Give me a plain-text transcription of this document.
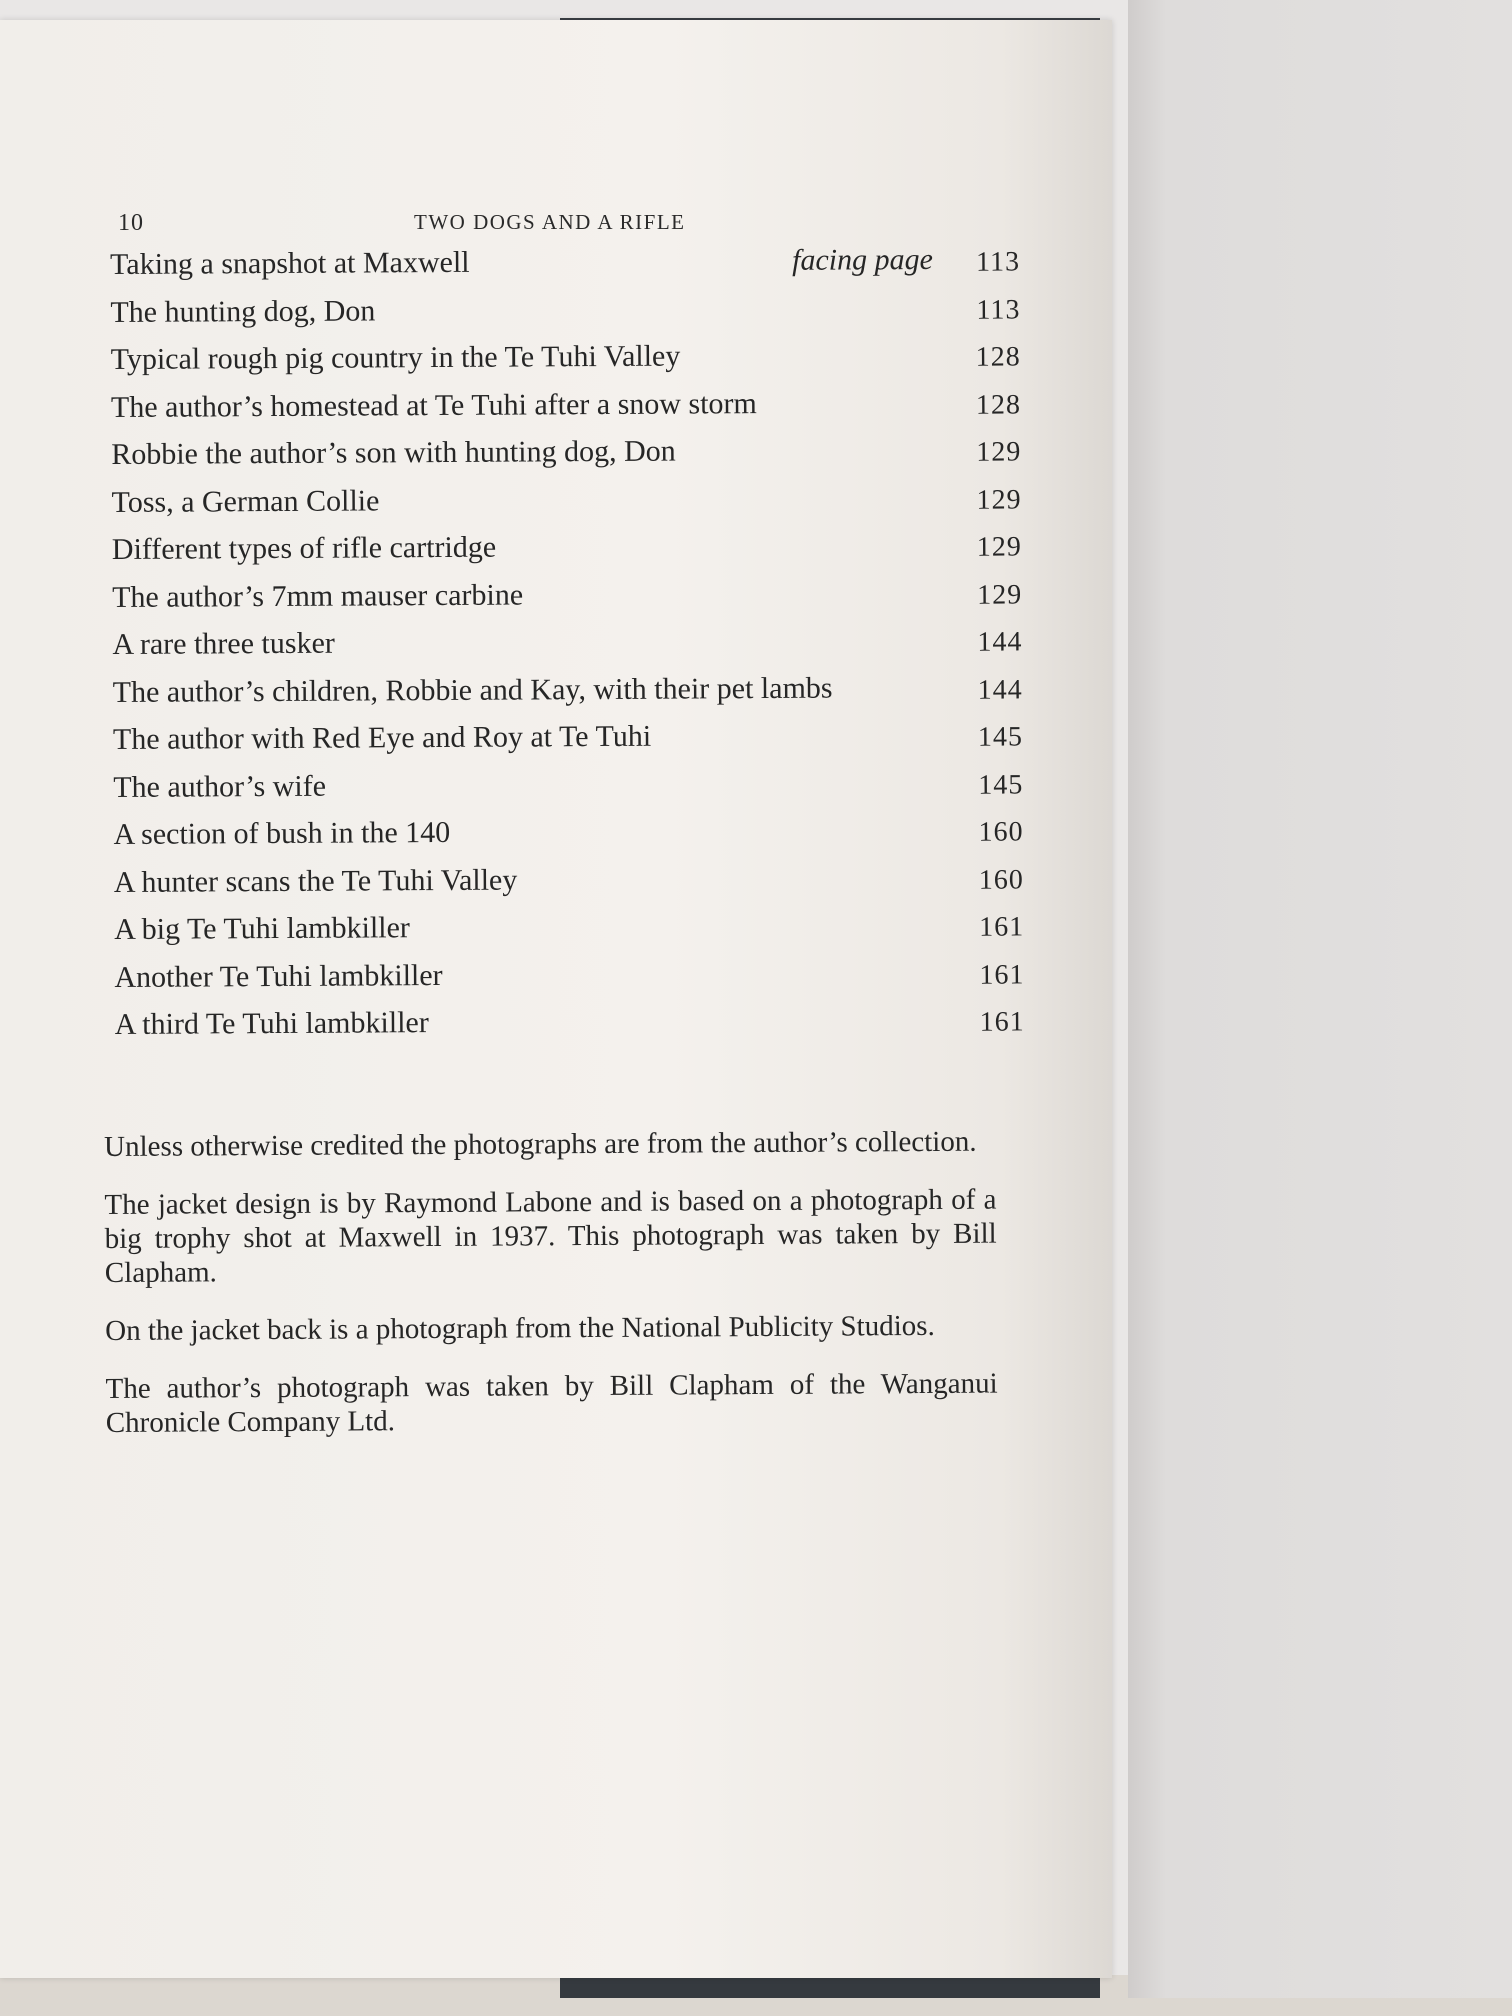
10	TWO DOGS AND A RIFLE
Taking a snapshot at Maxwell	facing page 113
The hunting dog, Don	113
Typical rough pig country in the Te Tuhi Valley	128
The author’s homestead at Te Tuhi after a snow storm	128
Robbie the author’s son with hunting dog, Don	129
Toss, a German Collie	129
Different types of rifle cartridge	129
The author’s 7mm mauser carbine	129
A rare three tusker	144
The author’s children, Robbie and Kay, with their pet lambs	144
The author with Red Eye and Roy at Te Tuhi	145
The author’s wife	145
A section of bush in the 140	160
A hunter scans the Te Tuhi Valley	160
A big Te Tuhi lambkiller	161
Another Te Tuhi lambkiller	161
A third Te Tuhi lambkiller	161

Unless otherwise credited the photographs are from the author’s collection.

The jacket design is by Raymond Labone and is based on a photograph of a big trophy shot at Maxwell in 1937. This photograph was taken by Bill Clapham.

On the jacket back is a photograph from the National Publicity Studios.

The author’s photograph was taken by Bill Clapham of the Wanganui Chronicle Company Ltd.
